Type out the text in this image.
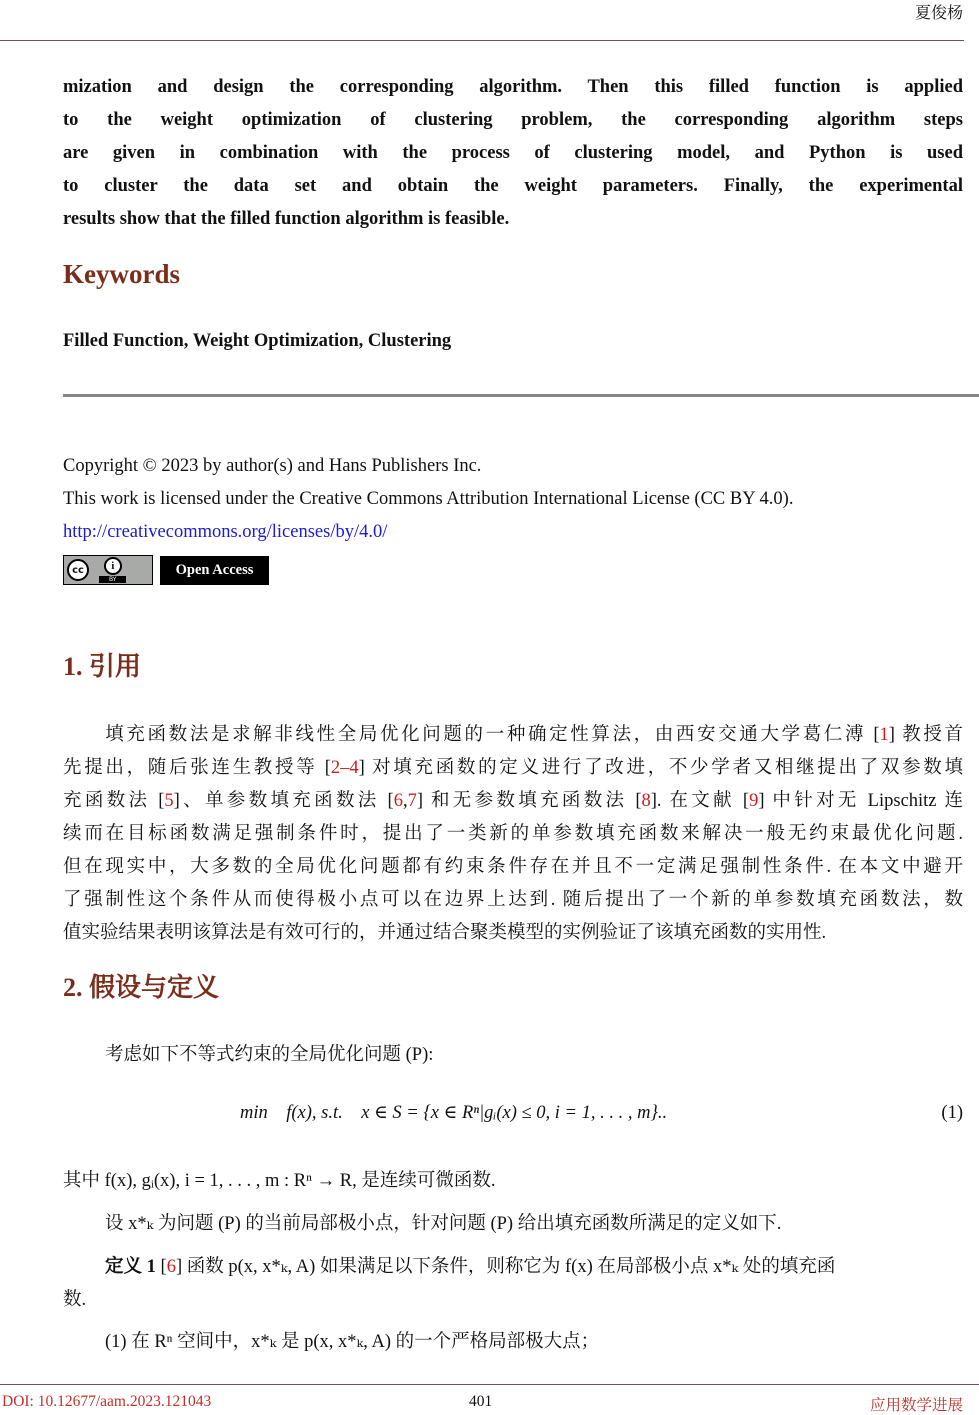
夏俊杨
mization and design the corresponding algorithm. Then this filled function is applied
to the weight optimization of clustering problem, the corresponding algorithm steps
are given in combination with the process of clustering model, and Python is used
to cluster the data set and obtain the weight parameters. Finally, the experimental
results show that the filled function algorithm is feasible.
Keywords
Filled Function, Weight Optimization, Clustering
Copyright © 2023 by author(s) and Hans Publishers Inc.
This work is licensed under the Creative Commons Attribution International License (CC BY 4.0).
http://creativecommons.org/licenses/by/4.0/
cc	i
BY
Open Access
1. 引用
　　填充函数法是求解非线性全局优化问题的一种确定性算法，由西安交通大学葛仁溥 [1] 教授首
先提出，随后张连生教授等 [2–4] 对填充函数的定义进行了改进，不少学者又相继提出了双参数填
充函数法 [5]、单参数填充函数法 [6,7] 和无参数填充函数法 [8]. 在文献 [9] 中针对无 Lipschitz 连
续而在目标函数满足强制条件时，提出了一类新的单参数填充函数来解决一般无约束最优化问题.
但在现实中，大多数的全局优化问题都有约束条件存在并且不一定满足强制性条件. 在本文中避开
了强制性这个条件从而使得极小点可以在边界上达到. 随后提出了一个新的单参数填充函数法，数
值实验结果表明该算法是有效可行的，并通过结合聚类模型的实例验证了该填充函数的实用性.
2. 假设与定义
考虑如下不等式约束的全局优化问题 (P):
min    f(x), s.t.    x ∈ S = {x ∈ Rⁿ|gᵢ(x) ≤ 0, i = 1, . . . , m}..	(1)
其中 f(x), gᵢ(x), i = 1, . . . , m : Rⁿ → R, 是连续可微函数.
设 x*ₖ 为问题 (P) 的当前局部极小点，针对问题 (P) 给出填充函数所满足的定义如下.
定义 1 [6] 函数 p(x, x*ₖ, A) 如果满足以下条件，则称它为 f(x) 在局部极小点 x*ₖ 处的填充函
数.
(1) 在 Rⁿ 空间中，x*ₖ 是 p(x, x*ₖ, A) 的一个严格局部极大点；
DOI: 10.12677/aam.2023.121043	401	应用数学进展
